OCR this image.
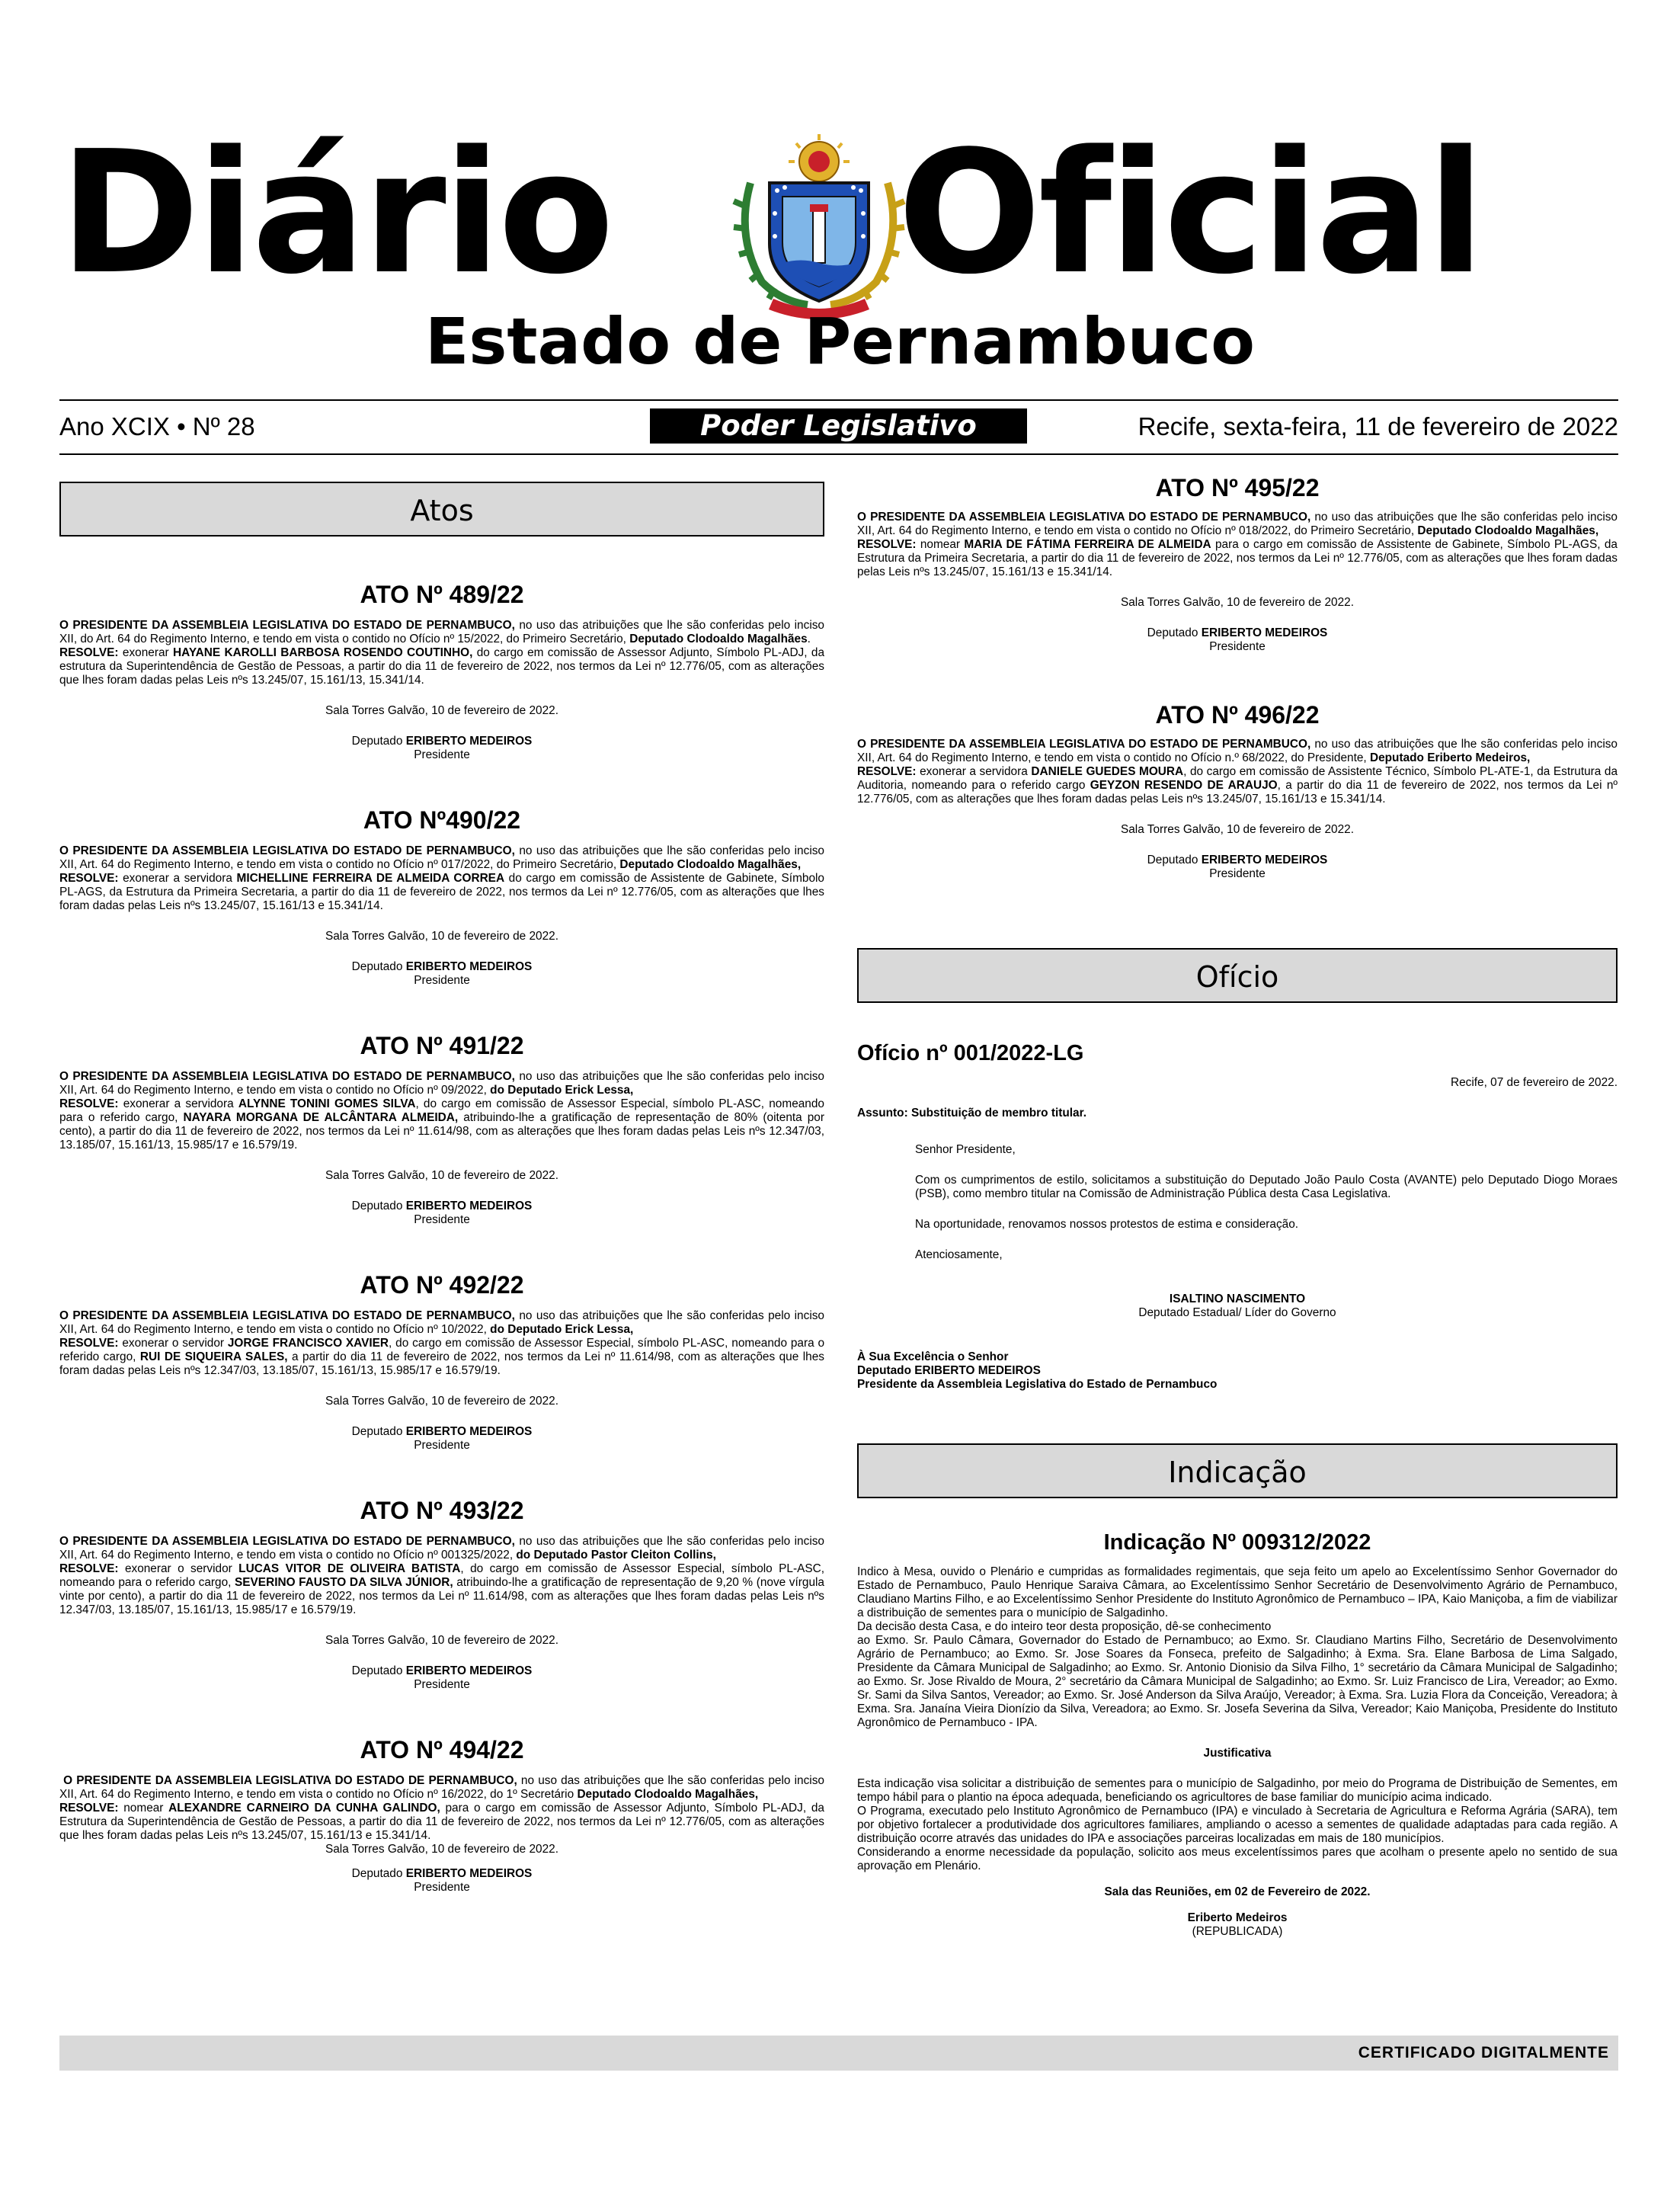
Diário Oficial
Estado de Pernambuco
Ano XCIX • Nº 28	Poder Legislativo	Recife, sexta-feira, 11 de fevereiro de 2022
Atos

ATO Nº 489/22

O PRESIDENTE DA ASSEMBLEIA LEGISLATIVA DO ESTADO DE PERNAMBUCO, no uso das atribuições que lhe são conferidas pelo inciso XII, do Art. 64 do Regimento Interno, e tendo em vista o contido no Ofício nº 15/2022, do Primeiro Secretário, Deputado Clodoaldo Magalhães.
RESOLVE: exonerar HAYANE KAROLLI BARBOSA ROSENDO COUTINHO, do cargo em comissão de Assessor Adjunto, Símbolo PL-ADJ, da estrutura da Superintendência de Gestão de Pessoas, a partir do dia 11 de fevereiro de 2022, nos termos da Lei nº 12.776/05, com as alterações que lhes foram dadas pelas Leis nºs 13.245/07, 15.161/13, 15.341/14.

Sala Torres Galvão, 10 de fevereiro de 2022.

Deputado ERIBERTO MEDEIROS

Presidente

ATO Nº490/22

O PRESIDENTE DA ASSEMBLEIA LEGISLATIVA DO ESTADO DE PERNAMBUCO, no uso das atribuições que lhe são conferidas pelo inciso XII, Art. 64 do Regimento Interno, e tendo em vista o contido no Ofício nº 017/2022, do Primeiro Secretário, Deputado Clodoaldo Magalhães,
RESOLVE: exonerar a servidora MICHELLINE FERREIRA DE ALMEIDA CORREA do cargo em comissão de Assistente de Gabinete, Símbolo PL-AGS, da Estrutura da Primeira Secretaria, a partir do dia 11 de fevereiro de 2022, nos termos da Lei nº 12.776/05, com as alterações que lhes foram dadas pelas Leis nºs 13.245/07, 15.161/13 e 15.341/14.

Sala Torres Galvão, 10 de fevereiro de 2022.

Deputado ERIBERTO MEDEIROS

Presidente

ATO Nº 491/22

O PRESIDENTE DA ASSEMBLEIA LEGISLATIVA DO ESTADO DE PERNAMBUCO, no uso das atribuições que lhe são conferidas pelo inciso XII, Art. 64 do Regimento Interno, e tendo em vista o contido no Ofício nº 09/2022, do Deputado Erick Lessa,
RESOLVE: exonerar a servidora ALYNNE TONINI GOMES SILVA, do cargo em comissão de Assessor Especial, símbolo PL-ASC, nomeando para o referido cargo, NAYARA MORGANA DE ALCÂNTARA ALMEIDA, atribuindo-lhe a gratificação de representação de 80% (oitenta por cento), a partir do dia 11 de fevereiro de 2022, nos termos da Lei nº 11.614/98, com as alterações que lhes foram dadas pelas Leis nºs 12.347/03, 13.185/07, 15.161/13, 15.985/17 e 16.579/19.

Sala Torres Galvão, 10 de fevereiro de 2022.

Deputado ERIBERTO MEDEIROS

Presidente

ATO Nº 492/22

O PRESIDENTE DA ASSEMBLEIA LEGISLATIVA DO ESTADO DE PERNAMBUCO, no uso das atribuições que lhe são conferidas pelo inciso XII, Art. 64 do Regimento Interno, e tendo em vista o contido no Ofício nº 10/2022, do Deputado Erick Lessa,
RESOLVE: exonerar o servidor JORGE FRANCISCO XAVIER, do cargo em comissão de Assessor Especial, símbolo PL-ASC, nomeando para o referido cargo, RUI DE SIQUEIRA SALES, a partir do dia 11 de fevereiro de 2022, nos termos da Lei nº 11.614/98, com as alterações que lhes foram dadas pelas Leis nºs 12.347/03, 13.185/07, 15.161/13, 15.985/17 e 16.579/19.

Sala Torres Galvão, 10 de fevereiro de 2022.

Deputado ERIBERTO MEDEIROS

Presidente

ATO Nº 493/22

O PRESIDENTE DA ASSEMBLEIA LEGISLATIVA DO ESTADO DE PERNAMBUCO, no uso das atribuições que lhe são conferidas pelo inciso XII, Art. 64 do Regimento Interno, e tendo em vista o contido no Ofício nº 001325/2022, do Deputado Pastor Cleiton Collins,
RESOLVE: exonerar o servidor LUCAS VITOR DE OLIVEIRA BATISTA, do cargo em comissão de Assessor Especial, símbolo PL-ASC, nomeando para o referido cargo, SEVERINO FAUSTO DA SILVA JÚNIOR, atribuindo-lhe a gratificação de representação de 9,20 % (nove vírgula vinte por cento), a partir do dia 11 de fevereiro de 2022, nos termos da Lei nº 11.614/98, com as alterações que lhes foram dadas pelas Leis nºs 12.347/03, 13.185/07, 15.161/13, 15.985/17 e 16.579/19.

Sala Torres Galvão, 10 de fevereiro de 2022.

Deputado ERIBERTO MEDEIROS

Presidente

ATO Nº 494/22

O PRESIDENTE DA ASSEMBLEIA LEGISLATIVA DO ESTADO DE PERNAMBUCO, no uso das atribuições que lhe são conferidas pelo inciso XII, Art. 64 do Regimento Interno, e tendo em vista o contido no Ofício nº 16/2022, do 1º Secretário Deputado Clodoaldo Magalhães,
RESOLVE: nomear ALEXANDRE CARNEIRO DA CUNHA GALINDO, para o cargo em comissão de Assessor Adjunto, Símbolo PL-ADJ, da Estrutura da Superintendência de Gestão de Pessoas, a partir do dia 11 de fevereiro de 2022, nos termos da Lei nº 12.776/05, com as alterações que lhes foram dadas pelas Leis nºs 13.245/07, 15.161/13 e 15.341/14.

Sala Torres Galvão, 10 de fevereiro de 2022.

Deputado ERIBERTO MEDEIROS

Presidente

ATO Nº 495/22

O PRESIDENTE DA ASSEMBLEIA LEGISLATIVA DO ESTADO DE PERNAMBUCO, no uso das atribuições que lhe são conferidas pelo inciso XII, Art. 64 do Regimento Interno, e tendo em vista o contido no Ofício nº 018/2022, do Primeiro Secretário, Deputado Clodoaldo Magalhães,
RESOLVE: nomear MARIA DE FÁTIMA FERREIRA DE ALMEIDA para o cargo em comissão de Assistente de Gabinete, Símbolo PL-AGS, da Estrutura da Primeira Secretaria, a partir do dia 11 de fevereiro de 2022, nos termos da Lei nº 12.776/05, com as alterações que lhes foram dadas pelas Leis nºs 13.245/07, 15.161/13 e 15.341/14.

Sala Torres Galvão, 10 de fevereiro de 2022.

Deputado ERIBERTO MEDEIROS

Presidente

ATO Nº 496/22

O PRESIDENTE DA ASSEMBLEIA LEGISLATIVA DO ESTADO DE PERNAMBUCO, no uso das atribuições que lhe são conferidas pelo inciso XII, Art. 64 do Regimento Interno, e tendo em vista o contido no Ofício n.º 68/2022, do Presidente, Deputado Eriberto Medeiros,
RESOLVE: exonerar a servidora DANIELE GUEDES MOURA, do cargo em comissão de Assistente Técnico, Símbolo PL-ATE-1, da Estrutura da Auditoria, nomeando para o referido cargo GEYZON RESENDO DE ARAUJO, a partir do dia 11 de fevereiro de 2022, nos termos da Lei nº 12.776/05, com as alterações que lhes foram dadas pelas Leis nºs 13.245/07, 15.161/13 e 15.341/14.

Sala Torres Galvão, 10 de fevereiro de 2022.

Deputado ERIBERTO MEDEIROS

Presidente

Ofício

Ofício nº 001/2022-LG

Recife, 07 de fevereiro de 2022.

Assunto: Substituição de membro titular.

Senhor Presidente,

Com os cumprimentos de estilo, solicitamos a substituição do Deputado João Paulo Costa (AVANTE) pelo Deputado Diogo Moraes (PSB), como membro titular na Comissão de Administração Pública desta Casa Legislativa.

Na oportunidade, renovamos nossos protestos de estima e consideração.

Atenciosamente,

ISALTINO NASCIMENTO

Deputado Estadual/ Líder do Governo

À Sua Excelência o Senhor

Deputado ERIBERTO MEDEIROS

Presidente da Assembleia Legislativa do Estado de Pernambuco

Indicação

Indicação Nº 009312/2022

Indico à Mesa, ouvido o Plenário e cumpridas as formalidades regimentais, que seja feito um apelo ao Excelentíssimo Senhor Governador do Estado de Pernambuco, Paulo Henrique Saraiva Câmara, ao Excelentíssimo Senhor Secretário de Desenvolvimento Agrário de Pernambuco, Claudiano Martins Filho, e ao Excelentíssimo Senhor Presidente do Instituto Agronômico de Pernambuco – IPA, Kaio Maniçoba, a fim de viabilizar a distribuição de sementes para o município de Salgadinho.

Da decisão desta Casa, e do inteiro teor desta proposição, dê-se conhecimento

ao Exmo. Sr. Paulo Câmara, Governador do Estado de Pernambuco; ao Exmo. Sr. Claudiano Martins Filho, Secretário de Desenvolvimento Agrário de Pernambuco; ao Exmo. Sr. Jose Soares da Fonseca, prefeito de Salgadinho; à Exma. Sra. Elane Barbosa de Lima Salgado, Presidente da Câmara Municipal de Salgadinho; ao Exmo. Sr. Antonio Dionisio da Silva Filho, 1° secretário da Câmara Municipal de Salgadinho; ao Exmo. Sr. Jose Rivaldo de Moura, 2° secretário da Câmara Municipal de Salgadinho; ao Exmo. Sr. Luiz Francisco de Lira, Vereador; ao Exmo. Sr. Sami da Silva Santos, Vereador; ao Exmo. Sr. José Anderson da Silva Araújo, Vereador; à Exma. Sra. Luzia Flora da Conceição, Vereadora; à Exma. Sra. Janaína Vieira Dionízio da Silva, Vereadora; ao Exmo. Sr. Josefa Severina da Silva, Vereador; Kaio Maniçoba, Presidente do Instituto Agronômico de Pernambuco - IPA.

Justificativa

Esta indicação visa solicitar a distribuição de sementes para o município de Salgadinho, por meio do Programa de Distribuição de Sementes, em tempo hábil para o plantio na época adequada, beneficiando os agricultores de base familiar do município acima indicado.

O Programa, executado pelo Instituto Agronômico de Pernambuco (IPA) e vinculado à Secretaria de Agricultura e Reforma Agrária (SARA), tem por objetivo fortalecer a produtividade dos agricultores familiares, ampliando o acesso a sementes de qualidade adaptadas para cada região. A distribuição ocorre através das unidades do IPA e associações parceiras localizadas em mais de 180 municípios.

Considerando a enorme necessidade da população, solicito aos meus excelentíssimos pares que acolham o presente apelo no sentido de sua aprovação em Plenário.

Sala das Reuniões, em 02 de Fevereiro de 2022.

Eriberto Medeiros

(REPUBLICADA)

CERTIFICADO DIGITALMENTE
